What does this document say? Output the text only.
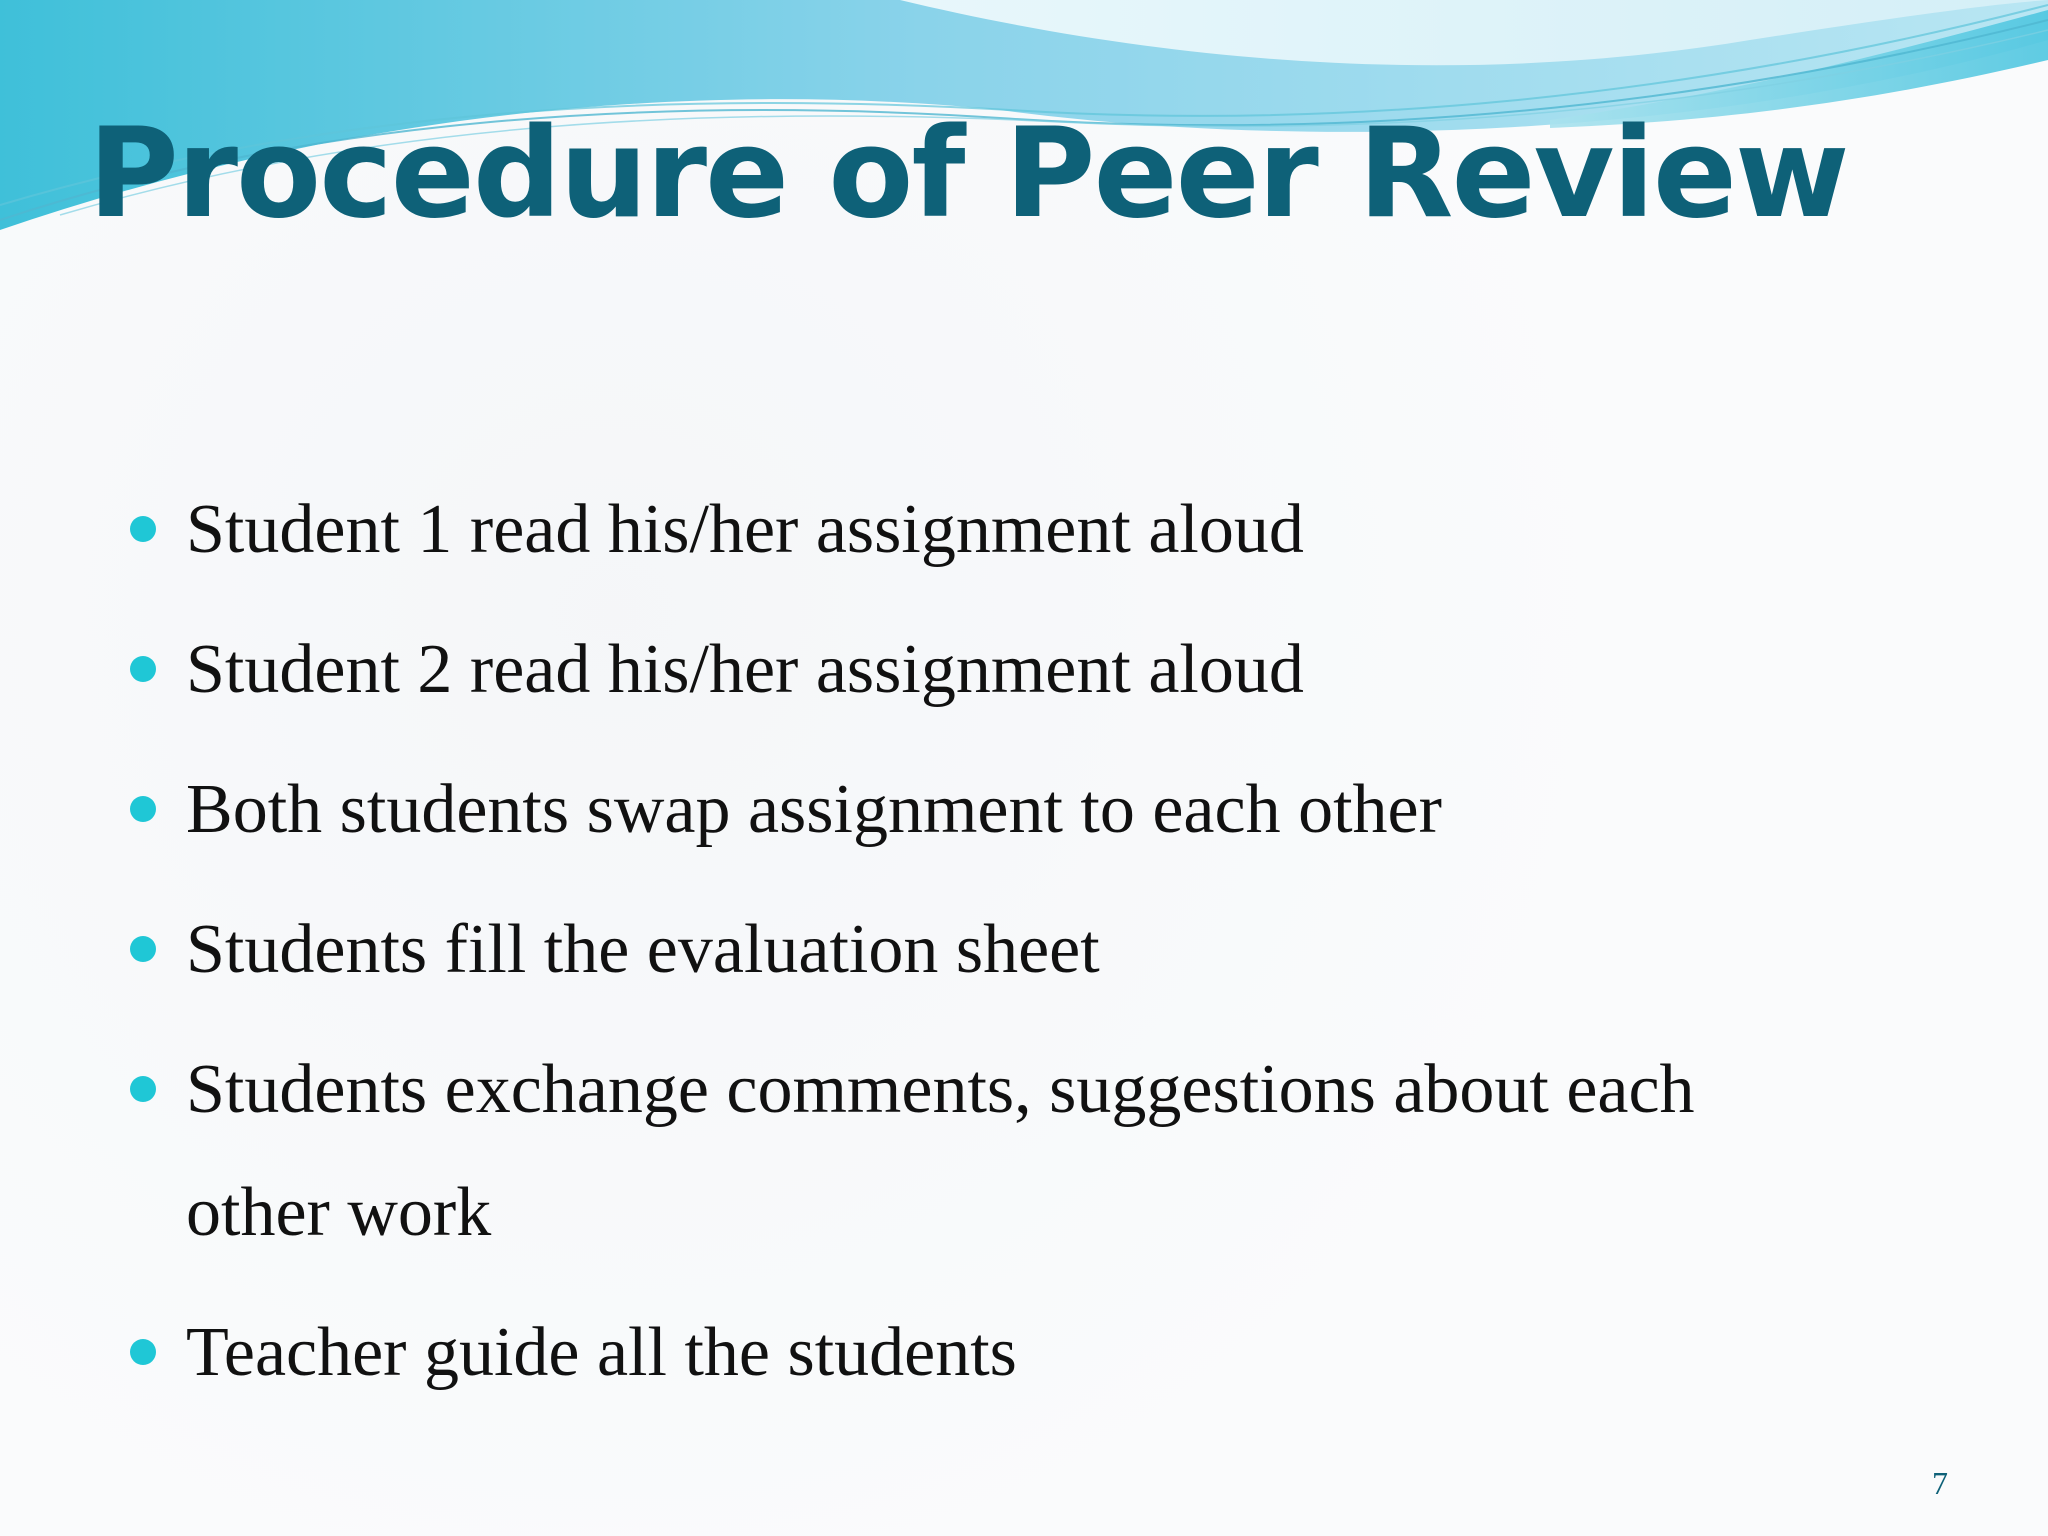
Procedure of Peer Review
Student 1 read his/her assignment aloud
Student 2 read his/her assignment aloud
Both students swap assignment to each other
Students fill the evaluation sheet
Students exchange comments, suggestions about each other work
Teacher guide all the students
7
